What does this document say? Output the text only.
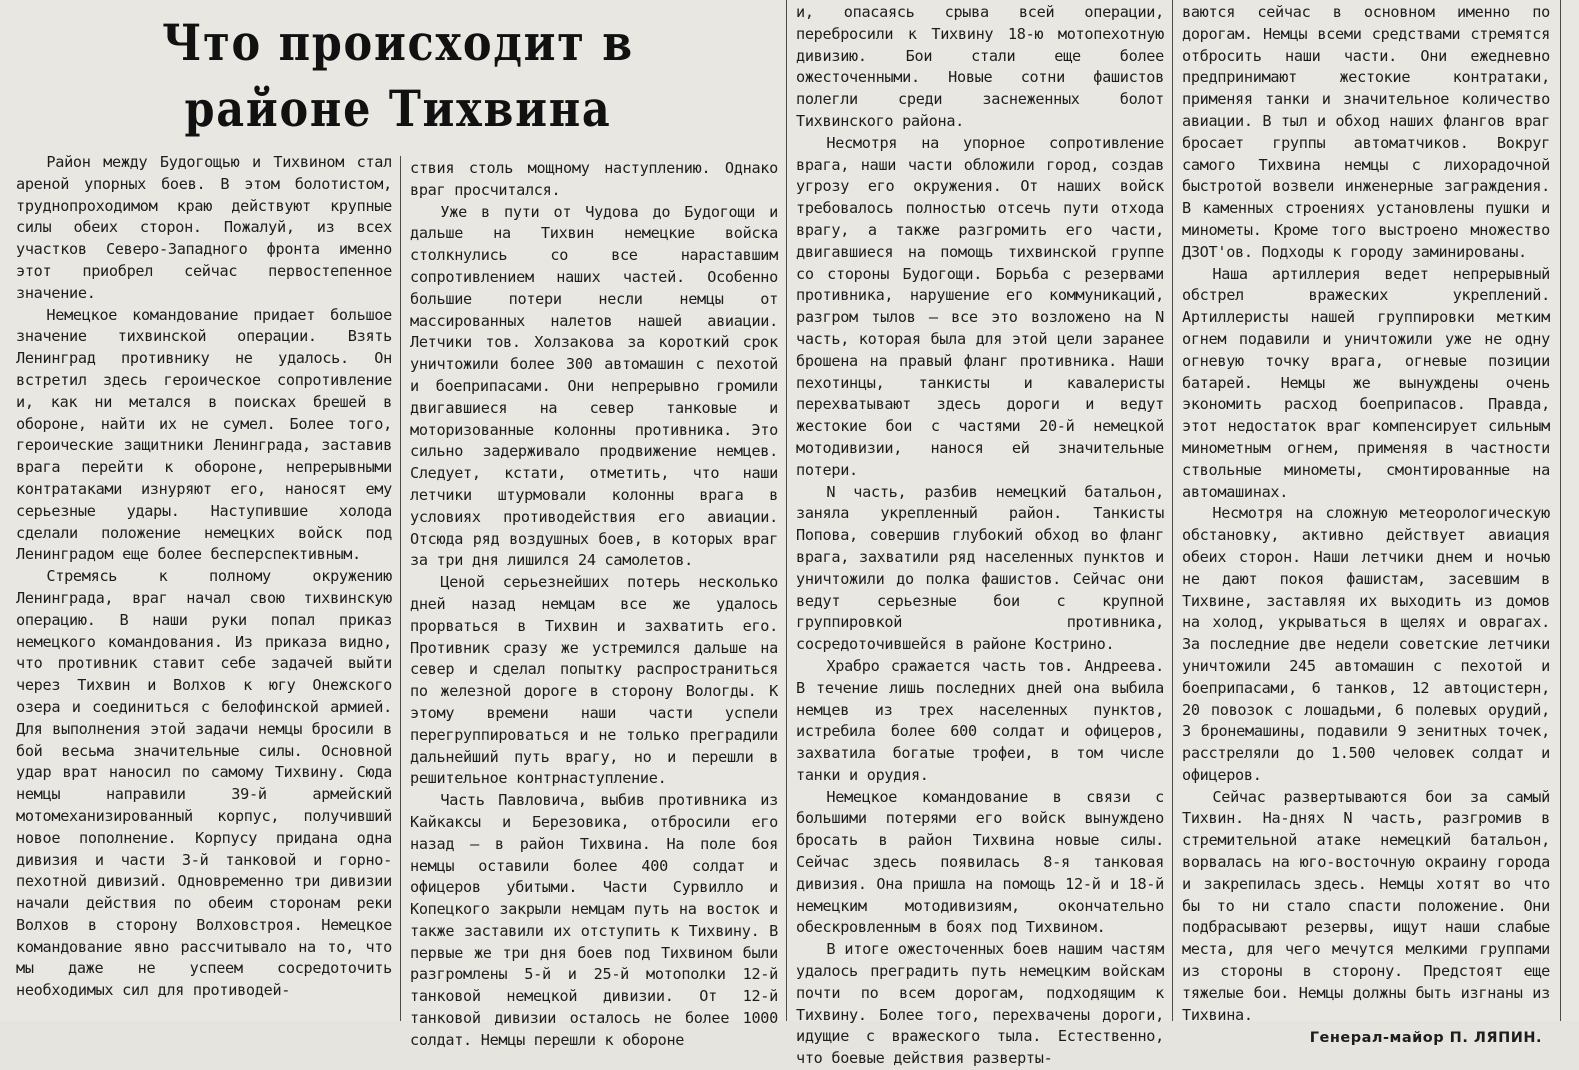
Что происходит в районе Тихвина

Район между Будогощью и Тихвином стал ареной упорных боев. В этом болотистом, труднопроходимом краю действуют крупные силы обеих сторон. Пожалуй, из всех участков Северо-Западного фронта именно этот приобрел сейчас первостепенное значение.

Немецкое командование придает большое значение тихвинской операции. Взять Ленинград противнику не удалось. Он встретил здесь героическое сопротивление и, как ни метался в поисках брешей в обороне, найти их не сумел. Более того, героические защитники Ленинграда, заставив врага перейти к обороне, непрерывными контратаками изнуряют его, наносят ему серьезные удары. Наступившие холода сделали положение немецких войск под Ленинградом еще более бесперспективным.

Стремясь к полному окружению Ленинграда, враг начал свою тихвинскую операцию. В наши руки попал приказ немецкого командования. Из приказа видно, что противник ставит себе задачей выйти через Тихвин и Волхов к югу Онежского озера и соединиться с белофинской армией. Для выполнения этой задачи немцы бросили в бой весьма значительные силы. Основной удар врат наносил по самому Тихвину. Сюда немцы направили 39-й армейский мотомеханизированный корпус, получивший новое пополнение. Корпусу придана одна дивизия и части 3-й танковой и горно-пехотной дивизий. Одновременно три дивизии начали действия по обеим сторонам реки Волхов в сторону Волховстроя. Немецкое командование явно рассчитывало на то, что мы даже не успеем сосредоточить необходимых сил для противодей-

ствия столь мощному наступлению. Однако враг просчитался.

Уже в пути от Чудова до Будогощи и дальше на Тихвин немецкие войска столкнулись со все нараставшим сопротивлением наших частей. Особенно большие потери несли немцы от массированных налетов нашей авиации. Летчики тов. Холзакова за короткий срок уничтожили более 300 автомашин с пехотой и боеприпасами. Они непрерывно громили двигавшиеся на север танковые и моторизованные колонны противника. Это сильно задерживало продвижение немцев. Следует, кстати, отметить, что наши летчики штурмовали колонны врага в условиях противодействия его авиации. Отсюда ряд воздушных боев, в которых враг за три дня лишился 24 самолетов.

Ценой серьезнейших потерь несколько дней назад немцам все же удалось прорваться в Тихвин и захватить его. Противник сразу же устремился дальше на север и сделал попытку распространиться по железной дороге в сторону Вологды. К этому времени наши части успели перегруппироваться и не только преградили дальнейший путь врагу, но и перешли в решительное контрнаступление.

Часть Павловича, выбив противника из Кайкаксы и Березовика, отбросили его назад — в район Тихвина. На поле боя немцы оставили более 400 солдат и офицеров убитыми. Части Сурвилло и Копецкого закрыли немцам путь на восток и также заставили их отступить к Тихвину. В первые же три дня боев под Тихвином были разгромлены 5-й и 25-й мотополки 12-й танковой немецкой дивизии. От 12-й танковой дивизии осталось не более 1000 солдат. Немцы перешли к обороне

и, опасаясь срыва всей операции, перебросили к Тихвину 18-ю мотопехотную дивизию. Бои стали еще более ожесточенными. Новые сотни фашистов полегли среди заснеженных болот Тихвинского района.

Несмотря на упорное сопротивление врага, наши части обложили город, создав угрозу его окружения. От наших войск требовалось полностью отсечь пути отхода врагу, а также разгромить его части, двигавшиеся на помощь тихвинской группе со стороны Будогощи. Борьба с резервами противника, нарушение его коммуникаций, разгром тылов — все это возложено на N часть, которая была для этой цели заранее брошена на правый фланг противника. Наши пехотинцы, танкисты и кавалеристы перехватывают здесь дороги и ведут жестокие бои с частями 20-й немецкой мотодивизии, нанося ей значительные потери.

N часть, разбив немецкий батальон, заняла укрепленный район. Танкисты Попова, совершив глубокий обход во фланг врага, захватили ряд населенных пунктов и уничтожили до полка фашистов. Сейчас они ведут серьезные бои с крупной группировкой противника, сосредоточившейся в районе Кострино.

Храбро сражается часть тов. Андреева. В течение лишь последних дней она выбила немцев из трех населенных пунктов, истребила более 600 солдат и офицеров, захватила богатые трофеи, в том числе танки и орудия.

Немецкое командование в связи с большими потерями его войск вынуждено бросать в район Тихвина новые силы. Сейчас здесь появилась 8-я танковая дивизия. Она пришла на помощь 12-й и 18-й немецким мотодивизиям, окончательно обескровленным в боях под Тихвином.

В итоге ожесточенных боев нашим частям удалось преградить путь немецким войскам почти по всем дорогам, подходящим к Тихвину. Более того, перехвачены дороги, идущие с вражеского тыла. Естественно, что боевые действия разверты-

ваются сейчас в основном именно по дорогам. Немцы всеми средствами стремятся отбросить наши части. Они ежедневно предпринимают жестокие контратаки, применяя танки и значительное количество авиации. В тыл и обход наших флангов враг бросает группы автоматчиков. Вокруг самого Тихвина немцы с лихорадочной быстротой возвели инженерные заграждения. В каменных строениях установлены пушки и минометы. Кроме того выстроено множество ДЗОТ'ов. Подходы к городу заминированы.

Наша артиллерия ведет непрерывный обстрел вражеских укреплений. Артиллеристы нашей группировки метким огнем подавили и уничтожили уже не одну огневую точку врага, огневые позиции батарей. Немцы же вынуждены очень экономить расход боеприпасов. Правда, этот недостаток враг компенсирует сильным минометным огнем, применяя в частности ствольные минометы, смонтированные на автомашинах.

Несмотря на сложную метеорологическую обстановку, активно действует авиация обеих сторон. Наши летчики днем и ночью не дают покоя фашистам, засевшим в Тихвине, заставляя их выходить из домов на холод, укрываться в щелях и оврагах. За последние две недели советские летчики уничтожили 245 автомашин с пехотой и боеприпасами, 6 танков, 12 автоцистерн, 20 повозок с лошадьми, 6 полевых орудий, 3 бронемашины, подавили 9 зенитных точек, расстреляли до 1.500 человек солдат и офицеров.

Сейчас развертываются бои за самый Тихвин. На-днях N часть, разгромив в стремительной атаке немецкий батальон, ворвалась на юго-восточную окраину города и закрепилась здесь. Немцы хотят во что бы то ни стало спасти положение. Они подбрасывают резервы, ищут наши слабые места, для чего мечутся мелкими группами из стороны в сторону. Предстоят еще тяжелые бои. Немцы должны быть изгнаны из Тихвина.

Генерал-майор П. ЛЯПИН.
